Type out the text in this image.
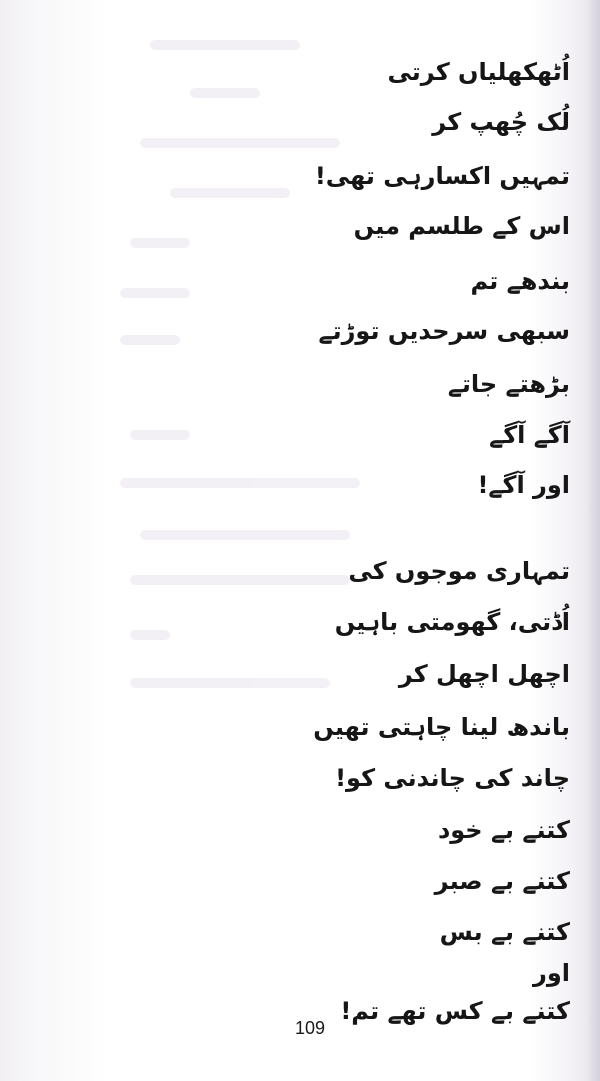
اُٹھکھلیاں کرتی
لُک چُھپ کر
تمہیں اکسارہی تھی!
اس کے طلسم میں
بندھے تم
سبھی سرحدیں توڑتے
بڑھتے جاتے
آگے آگے
اور آگے!
تمہاری موجوں کی
اُڈتی، گھومتی باہیں
اچھل اچھل کر
باندھ لینا چاہتی تھیں
چاند کی چاندنی کو!
کتنے بے خود
کتنے بے صبر
کتنے بے بس
اور
کتنے بے کس تھے تم!
109
